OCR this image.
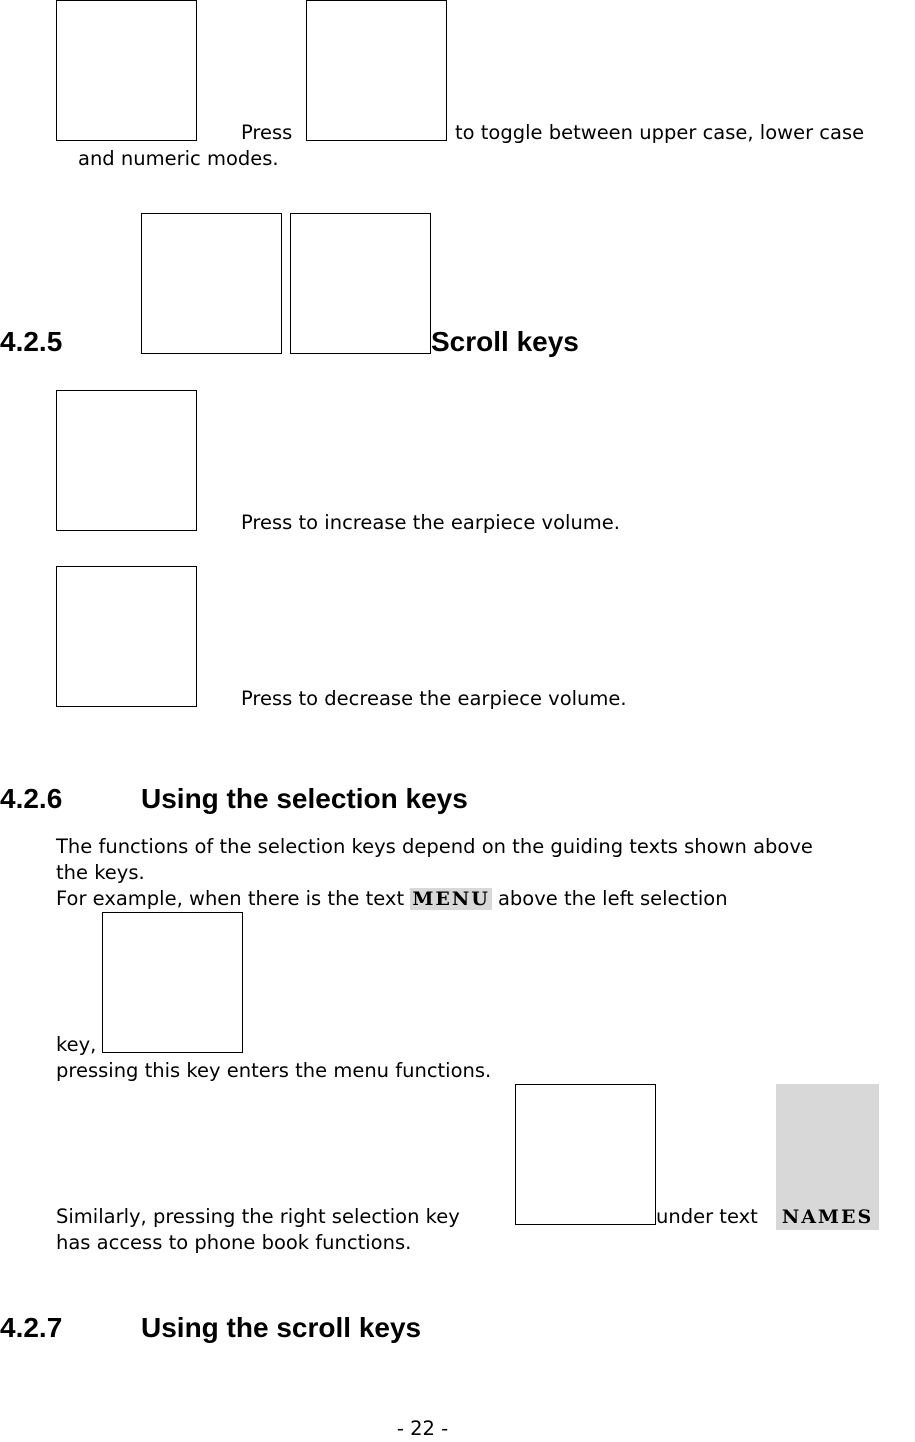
Press	to toggle between upper case, lower case
and numeric modes.
4.2.5	Scroll keys
Press to increase the earpiece volume.
Press to decrease the earpiece volume.
4.2.6	Using the selection keys
The functions of the selection keys depend on the guiding texts shown above
the keys.
For example, when there is the text MENU above the left selection
key,
pressing this key enters the menu functions.
Similarly, pressing the right selection key	under text	NAMES
has access to phone book functions.
4.2.7	Using the scroll keys
- 22 -
